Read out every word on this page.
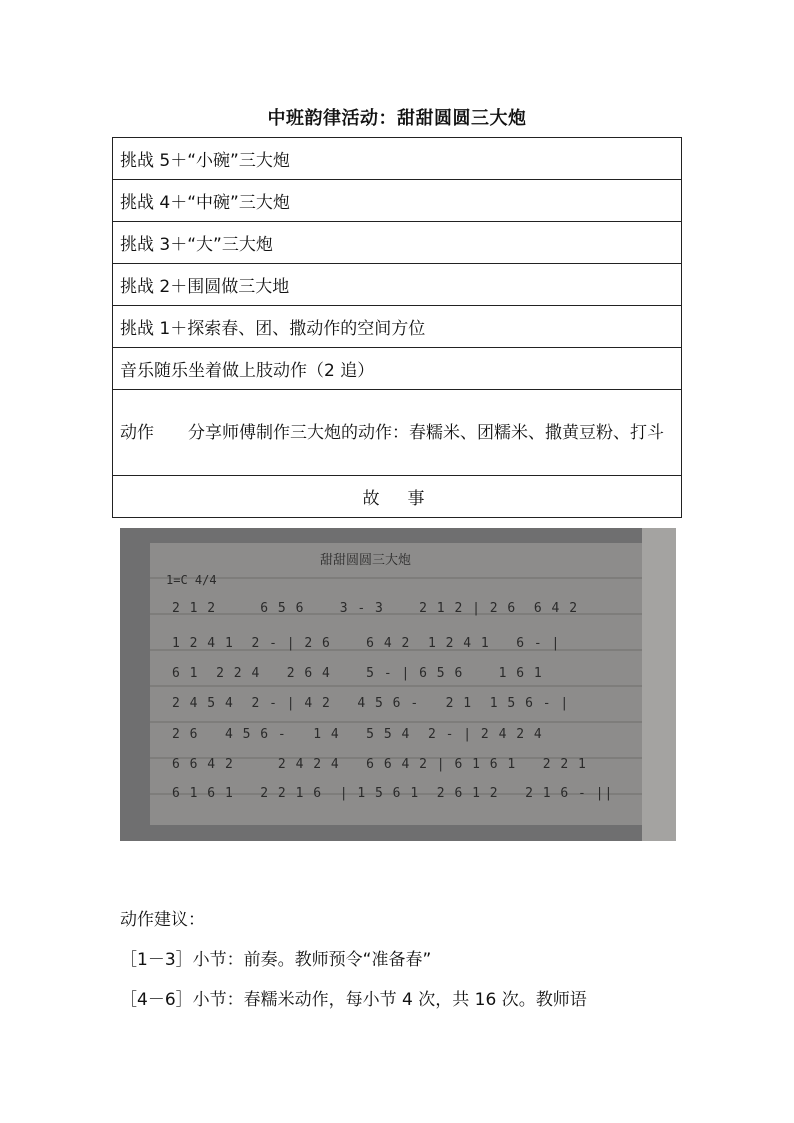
中班韵律活动：甜甜圆圆三大炮
挑战 5＋“小碗”三大炮
挑战 4＋“中碗”三大炮
挑战 3＋“大”三大炮
挑战 2＋围圆做三大地
挑战 1＋探索春、团、撒动作的空间方位
音乐随乐坐着做上肢动作（2 追）
动作　　分享师傅制作三大炮的动作：春糯米、团糯米、撒黄豆粉、打斗
故事
甜甜圆圆三大炮
1=C 4/4
2 1 2     6 5 6    3 - 3    2 1 2 | 2 6  6 4 2
1 2 4 1  2 - | 2 6    6 4 2  1 2 4 1   6 - |
6 1  2 2 4   2 6 4    5 - | 6 5 6    1 6 1
2 4 5 4  2 - | 4 2   4 5 6 -   2 1  1 5 6 - |
2 6   4 5 6 -   1 4   5 5 4  2 - | 2 4 2 4
6 6 4 2     2 4 2 4   6 6 4 2 | 6 1 6 1   2 2 1
6 1 6 1   2 2 1 6  | 1 5 6 1  2 6 1 2   2 1 6 - ||

动作建议：

［1－3］小节：前奏。教师预令“准备春”

［4－6］小节：春糯米动作，每小节 4 次，共 16 次。教师语
